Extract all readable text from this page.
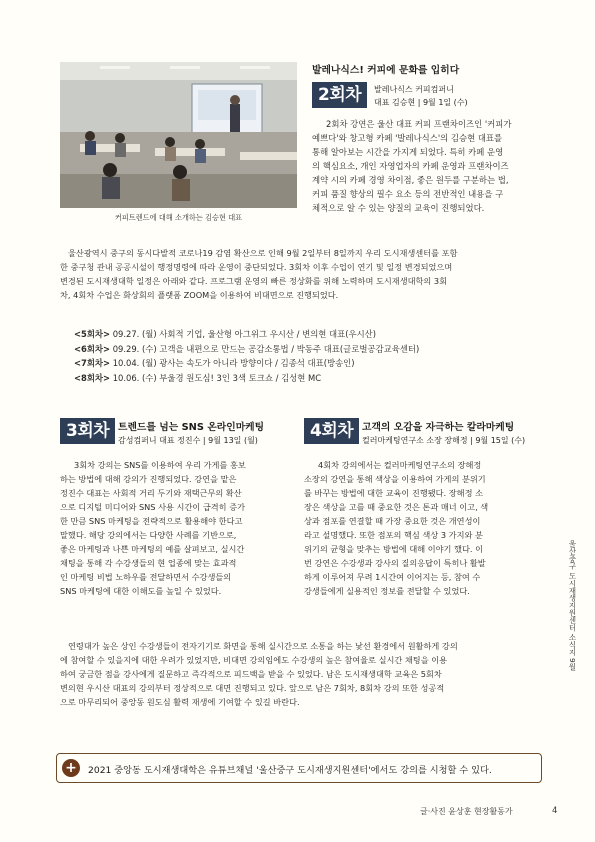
커피트렌드에 대해 소개하는 김승현 대표
발레나식스! 커피에 문화를 입히다
2회차	발레나식스 커피컴퍼니
대표 김승현 | 9월 1일 (수)
2회차 강연은 울산 대표 커피 프랜차이즈인 '커피가
예쁘다'와 창고형 카페 '발레나식스'의 김승현 대표를
통해 알아보는 시간을 가지게 되었다. 특히 카페 운영
의 핵심요소, 개인 자영업자의 카페 운영과 프랜차이즈
계약 시의 카페 경영 차이점, 좋은 원두를 구분하는 법,
커피 품질 향상의 필수 요소 등의 전반적인 내용을 구
체적으로 알 수 있는 양질의 교육이 진행되었다.
울산광역시 중구의 동시다발적 코로나19 감염 확산으로 인해 9월 2일부터 8일까지 우리 도시재생센터를 포함
한 중구청 관내 공공시설이 행정명령에 따라 운영이 중단되었다. 3회차 이후 수업이 연기 및 일정 변경되었으며
변경된 도시재생대학 일정은 아래와 같다. 프로그램 운영의 빠른 정상화를 위해 노력하며 도시재생대학의 3회
차, 4회차 수업은 화상회의 플랫폼 ZOOM을 이용하여 비대면으로 진행되었다.
<5회차> 09.27. (월) 사회적 기업, 울산형 아그위그 우시산 / 변의현 대표(우시산)
<6회차> 09.29. (수) 고객을 내편으로 만드는 공감소통법 / 박동주 대표(글로벌공감교육센터)
<7회차> 10.04. (월) 광사는 속도가 아니라 방향이다 / 김종석 대표(방송인)
<8회차> 10.06. (수) 부울경 원도심! 3인 3색 토크쇼 / 김성현 MC
3회차 트렌드를 넘는 SNS 온라인마케팅
감성컴퍼니 대표 정진수 | 9월 13일 (월)
3회차 강의는 SNS를 이용하여 우리 가게를 홍보
하는 방법에 대해 강의가 진행되었다. 강연을 맡은
정진수 대표는 사회적 거리 두기와 재택근무의 확산
으로 디지털 미디어와 SNS 사용 시간이 급격히 증가
한 만큼 SNS 마케팅을 전략적으로 활용해야 한다고
말했다. 해당 강의에서는 다양한 사례를 기반으로,
좋은 마케팅과 나쁜 마케팅의 예를 살펴보고, 실시간
채팅을 통해 각 수강생들의 현 업종에 맞는 효과적
인 마케팅 비법 노하우를 전달하면서 수강생들의
SNS 마케팅에 대한 이해도를 높일 수 있었다.
4회차 고객의 오감을 자극하는 칼라마케팅
컬러마케팅연구소 소장 장해정 | 9월 15일 (수)
4회차 강의에서는 컬러마케팅연구소의 장해정
소장의 강연을 통해 색상을 이용하여 가게의 분위기
를 바꾸는 방법에 대한 교육이 진행됐다. 장해정 소
장은 색상을 고를 때 중요한 것은 톤과 매너 이고, 색
상과 점포를 연결할 때 가장 중요한 것은 개연성이
라고 설명했다. 또한 점포의 핵심 색상 3 가지와 분
위기의 균형을 맞추는 방법에 대해 이야기 했다. 이
번 강연은 수강생과 강사의 질의응답이 특히나 활발
하게 이루어져 무려 1시간여 이어지는 등, 참여 수
강생들에게 실용적인 정보를 전달할 수 있었다.
연령대가 높은 상인 수강생들이 전자기기로 화면을 통해 실시간으로 소통을 하는 낯선 환경에서 원활하게 강의
에 참여할 수 있을지에 대한 우려가 있었지만, 비대면 강의임에도 수강생의 높은 참여율로 실시간 채팅을 이용
하여 궁금한 점을 강사에게 질문하고 즉각적으로 피드백을 받을 수 있었다. 남은 도시재생대학 교육은 5회차
변의현 우시산 대표의 강의부터 정상적으로 대면 진행되고 있다. 앞으로 남은 7회차, 8회차 강의 또한 성공적
으로 마무리되어 중앙동 원도심 활력 재생에 기여할 수 있길 바란다.
+	2021 중앙동 도시재생대학은 유튜브채널 '울산중구 도시재생지원센터'에서도 강의를 시청할 수 있다.
울산중구 도시재생지원센터 소식지 9월
글·사진 윤상훈 현장활동가	4
